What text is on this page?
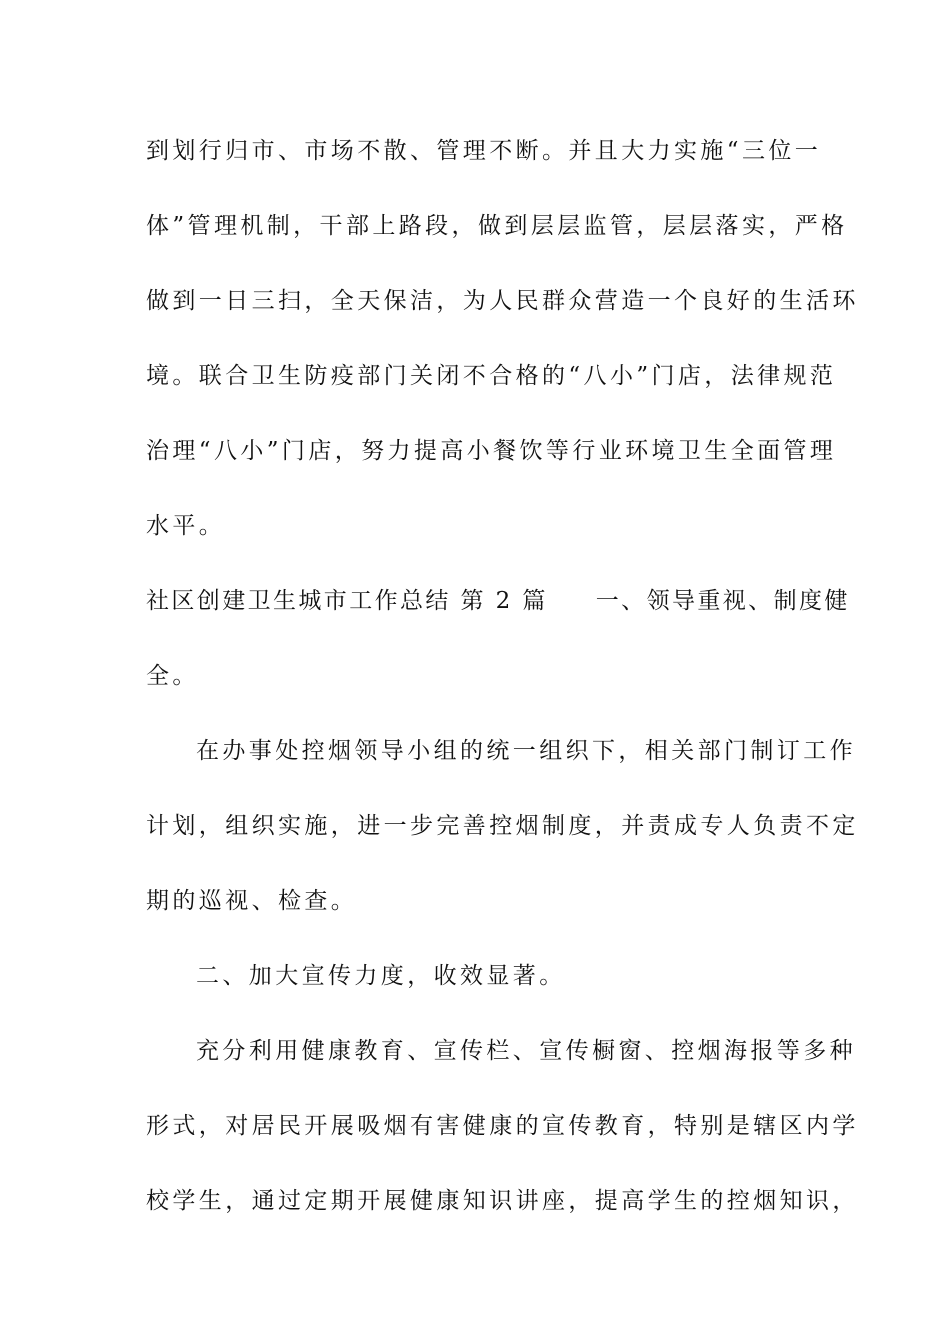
到划行归市、市场不散、管理不断。并且大力实施“三位一
体”管理机制，干部上路段，做到层层监管，层层落实，严格
做到一日三扫，全天保洁，为人民群众营造一个良好的生活环
境。联合卫生防疫部门关闭不合格的“八小”门店，法律规范
治理“八小”门店，努力提高小餐饮等行业环境卫生全面管理
水平。
社区创建卫生城市工作总结 第 2 篇 一、领导重视、制度健
全。
在办事处控烟领导小组的统一组织下，相关部门制订工作
计划，组织实施，进一步完善控烟制度，并责成专人负责不定
期的巡视、检查。
二、加大宣传力度，收效显著。
充分利用健康教育、宣传栏、宣传橱窗、控烟海报等多种
形式，对居民开展吸烟有害健康的宣传教育，特别是辖区内学
校学生，通过定期开展健康知识讲座，提高学生的控烟知识，
